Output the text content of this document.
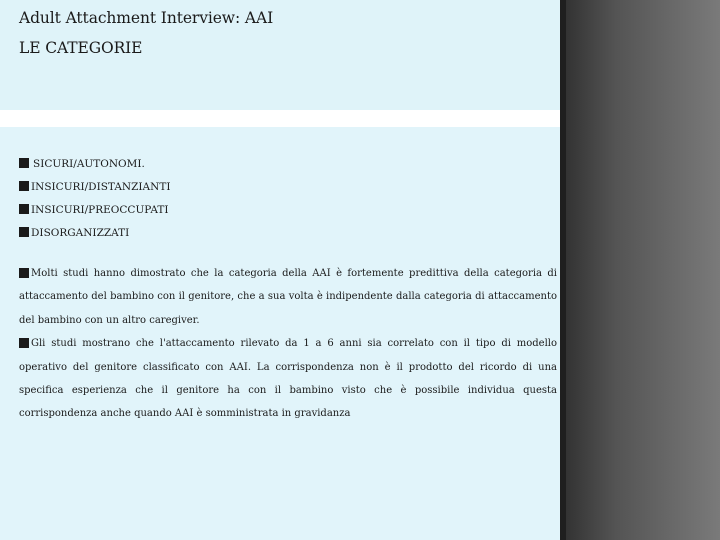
Adult Attachment Interview: AAI
LE CATEGORIE
SICURI/AUTONOMI.
INSICURI/DISTANZIANTI
INSICURI/PREOCCUPATI
DISORGANIZZATI

Molti studi hanno dimostrato che la categoria della AAI è fortemente predittiva della categoria di attaccamento del bambino con il genitore, che a sua volta è indipendente dalla categoria di attaccamento del bambino con un altro caregiver.

Gli studi mostrano che l'attaccamento rilevato da 1 a 6 anni sia correlato con il tipo di modello operativo del genitore classificato con AAI. La corrispondenza non è il prodotto del ricordo di una specifica esperienza che il genitore ha con il bambino visto che è possibile individua questa corrispondenza anche quando AAI è somministrata in gravidanza
